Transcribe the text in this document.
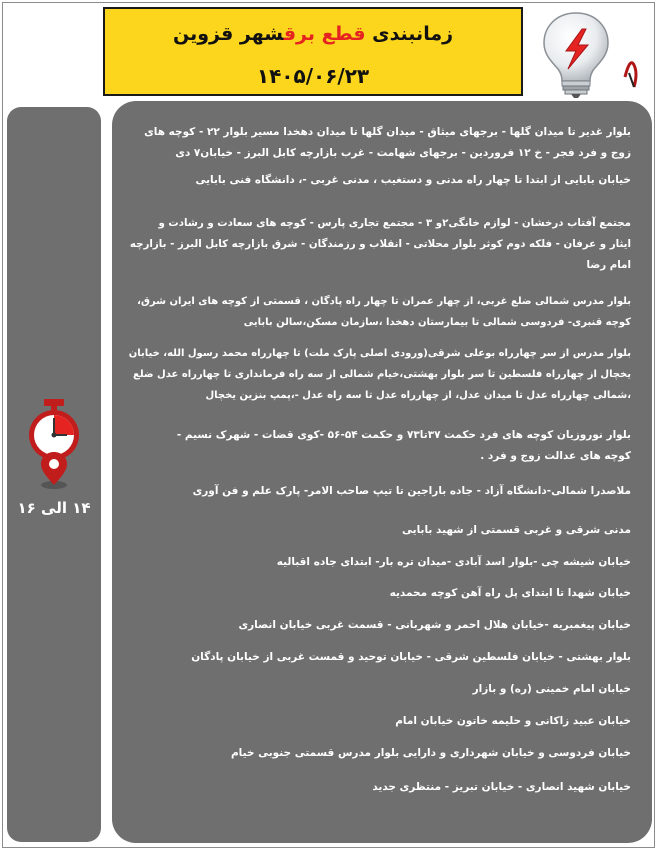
زمانبندی قطع برقشهر قزوین
۱۴۰۵/۰۶/۲۳
۱۴ الی ۱۶
بلوار غدیر تا میدان گلها - برجهای میثاق - میدان گلها تا میدان دهخدا مسیر بلوار ۲۲ - کوچه های
زوج و فرد فجر - خ ۱۲ فروردین - برجهای شهامت - غرب بازارچه کابل البرز - خیابان۷ دی
خیابان بابایی از ابتدا تا چهار راه مدنی و دستغیب ، مدنی غربی -، دانشگاه فنی بابایی
مجتمع آفتاب درخشان - لوازم خانگی۲و ۳ - مجتمع تجاری پارس - کوچه های سعادت و رشادت و
ایثار و عرفان - فلکه دوم کوثر بلوار محلاتی - انقلاب و رزمندگان - شرق بازارچه کابل البرز - بازارچه
امام رضا
بلوار مدرس شمالی ضلع غربی، از چهار عمران تا چهار راه پادگان ، قسمتی از کوچه های ایران شرق،
کوچه قنبری- فردوسی شمالی تا بیمارستان دهخدا ،سازمان مسکن،سالن بابایی
بلوار مدرس از سر چهارراه بوعلی شرقی(ورودی اصلی پارک ملت) تا چهارراه محمد رسول الله، خیابان
یخچال از چهارراه فلسطین تا سر بلوار بهشتی،خیام شمالی از سه راه فرمانداری تا چهارراه عدل ضلع
،شمالی چهارراه عدل تا میدان عدل، از چهارراه عدل تا سه راه عدل -،پمپ بنزین یخچال
بلوار نوروزیان کوچه های فرد حکمت ۳۷تا۷۳ و حکمت ۵۴-۵۶ -کوی قضات - شهرک نسیم -
کوچه های عدالت زوج و فرد .
ملاصدرا شمالی-دانشگاه آزاد - جاده باراجین تا تیپ صاحب الامر- پارک علم و فن آوری
مدنی شرقی و غربی قسمتی از شهید بابایی
خیابان شیشه چی -بلوار اسد آبادی -میدان تره بار- ابتدای جاده اقبالیه
خیابان شهدا تا ابتدای پل راه آهن کوچه محمدیه
خیابان پیغمبریه -خیابان هلال احمر و شهربانی - قسمت غربی خیابان انصاری
بلوار بهشتی - خیابان فلسطین شرقی - خیابان توحید و قمست غربی از خیابان پادگان
خیابان امام خمینی (ره) و بازار
خیابان عبید زاکانی و حلیمه خاتون خیابان امام
خیابان فردوسی و خیابان شهرداری و دارایی بلوار مدرس قسمتی جنوبی خیام
خیابان شهید انصاری - خیابان تبریز - منتظری جدید
